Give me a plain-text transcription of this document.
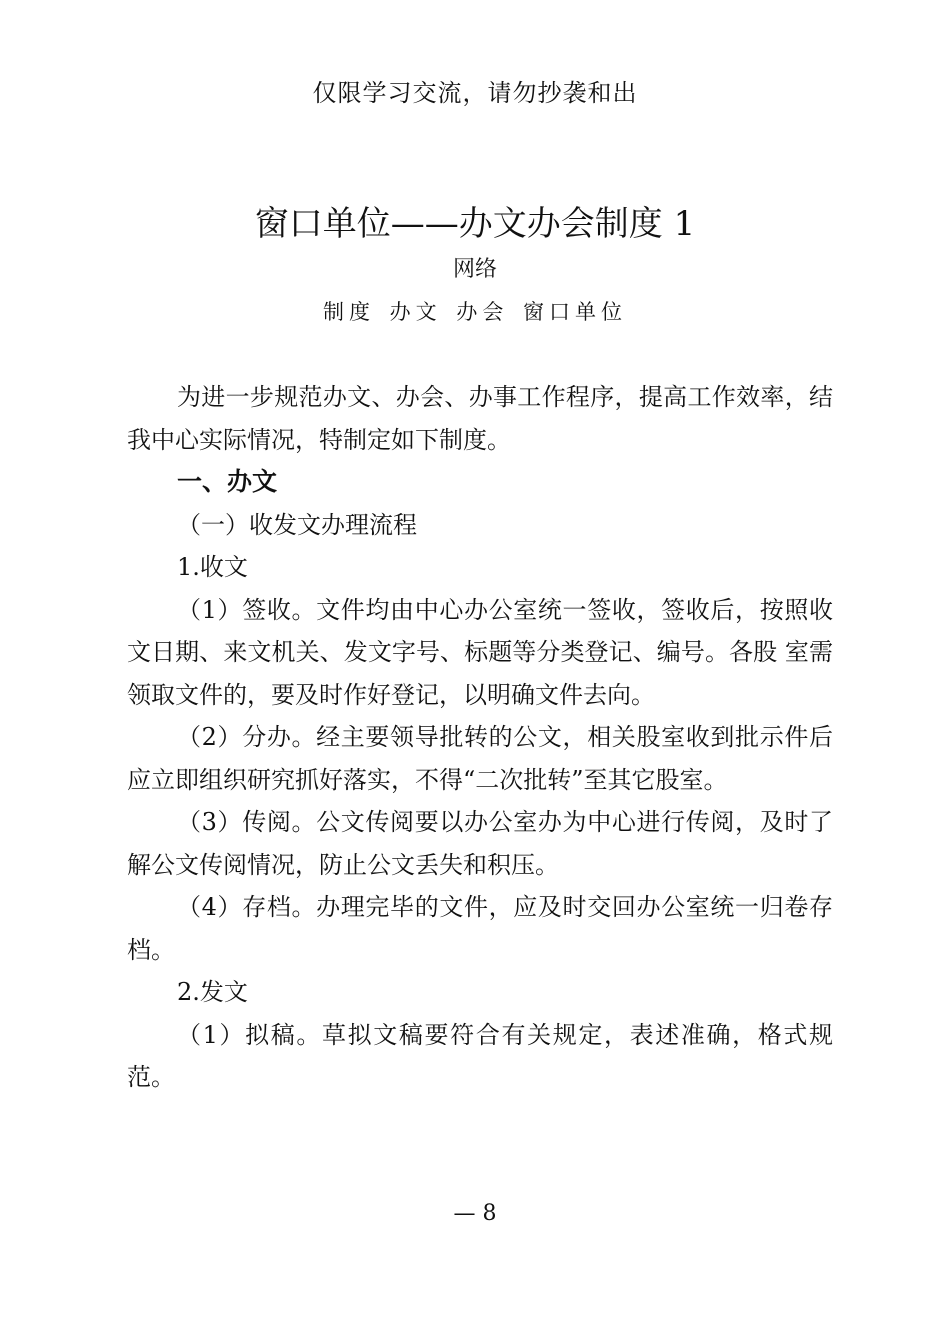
仅限学习交流，请勿抄袭和出
窗口单位——办文办会制度 1
网络
制度 办文 办会 窗口单位

为进一步规范办文、办会、办事工作程序，提高工作效率，结我中心实际情况，特制定如下制度。

一、办文

（一）收发文办理流程

1.收文

（1）签收。文件均由中心办公室统一签收，签收后，按照收文日期、来文机关、发文字号、标题等分类登记、编号。各股 室需领取文件的，要及时作好登记，以明确文件去向。

（2）分办。经主要领导批转的公文，相关股室收到批示件后应立即组织研究抓好落实，不得“二次批转”至其它股室。

（3）传阅。公文传阅要以办公室办为中心进行传阅，及时了解公文传阅情况，防止公文丢失和积压。

（4）存档。办理完毕的文件，应及时交回办公室统一归卷存档。

2.发文

（1）拟稿。草拟文稿要符合有关规定，表述准确，格式规范。

— 8
